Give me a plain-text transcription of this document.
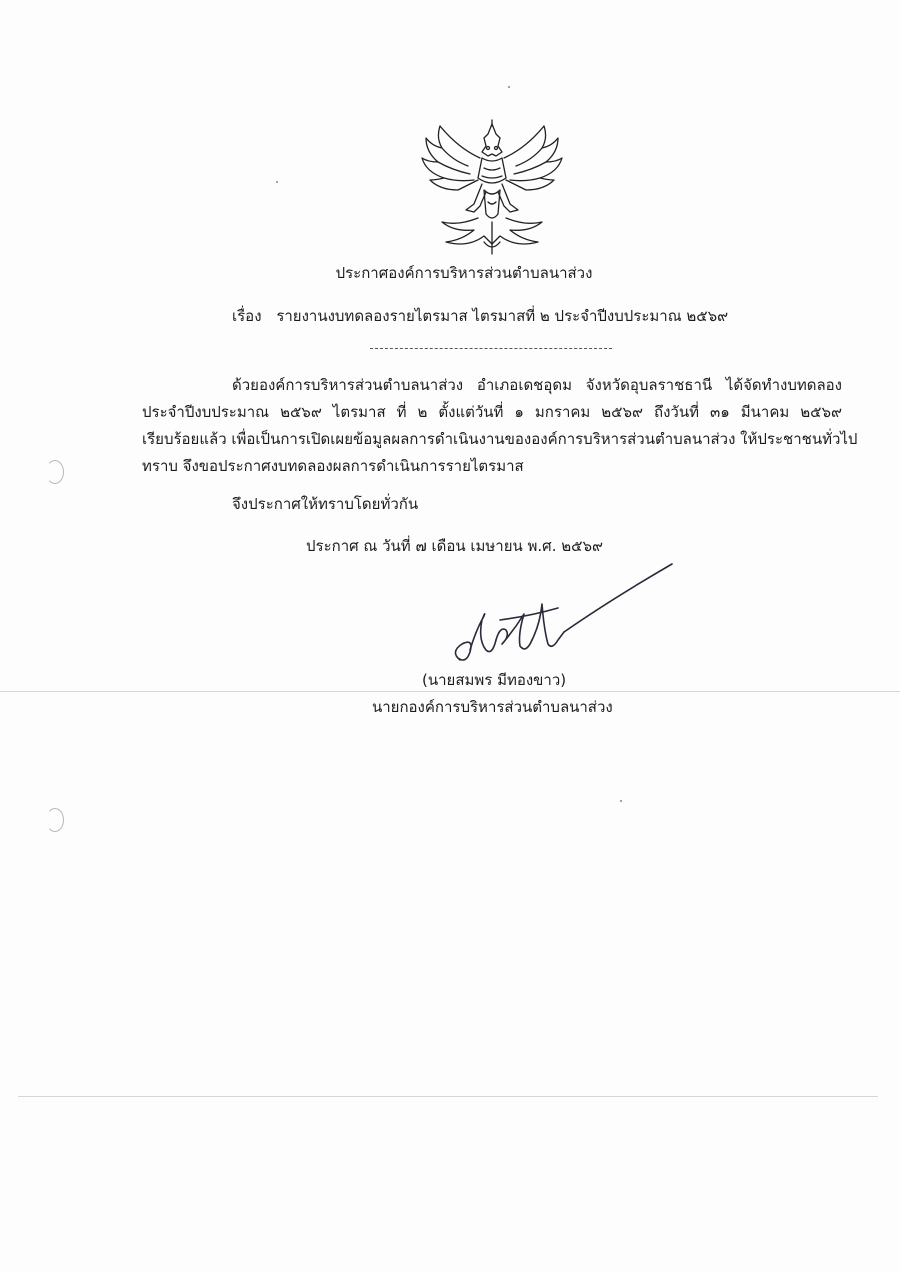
ประกาศองค์การบริหารส่วนตำบลนาส่วง
เรื่อง รายงานงบทดลองรายไตรมาส ไตรมาสที่ ๒ ประจำปีงบประมาณ ๒๕๖๙
ด้วยองค์การบริหารส่วนตำบลนาส่วง อำเภอเดชอุดม จังหวัดอุบลราชธานี ได้จัดทำงบทดลอง
ประจำปีงบประมาณ ๒๕๖๙ ไตรมาส ที่ ๒ ตั้งแต่วันที่ ๑ มกราคม ๒๕๖๙ ถึงวันที่ ๓๑ มีนาคม ๒๕๖๙
เรียบร้อยแล้ว เพื่อเป็นการเปิดเผยข้อมูลผลการดำเนินงานขององค์การบริหารส่วนตำบลนาส่วง ให้ประชาชนทั่วไป
ทราบ จึงขอประกาศงบทดลองผลการดำเนินการรายไตรมาส
จึงประกาศให้ทราบโดยทั่วกัน
ประกาศ ณ วันที่ ๗ เดือน เมษายน พ.ศ. ๒๕๖๙
(นายสมพร มีทองขาว)
นายกองค์การบริหารส่วนตำบลนาส่วง
